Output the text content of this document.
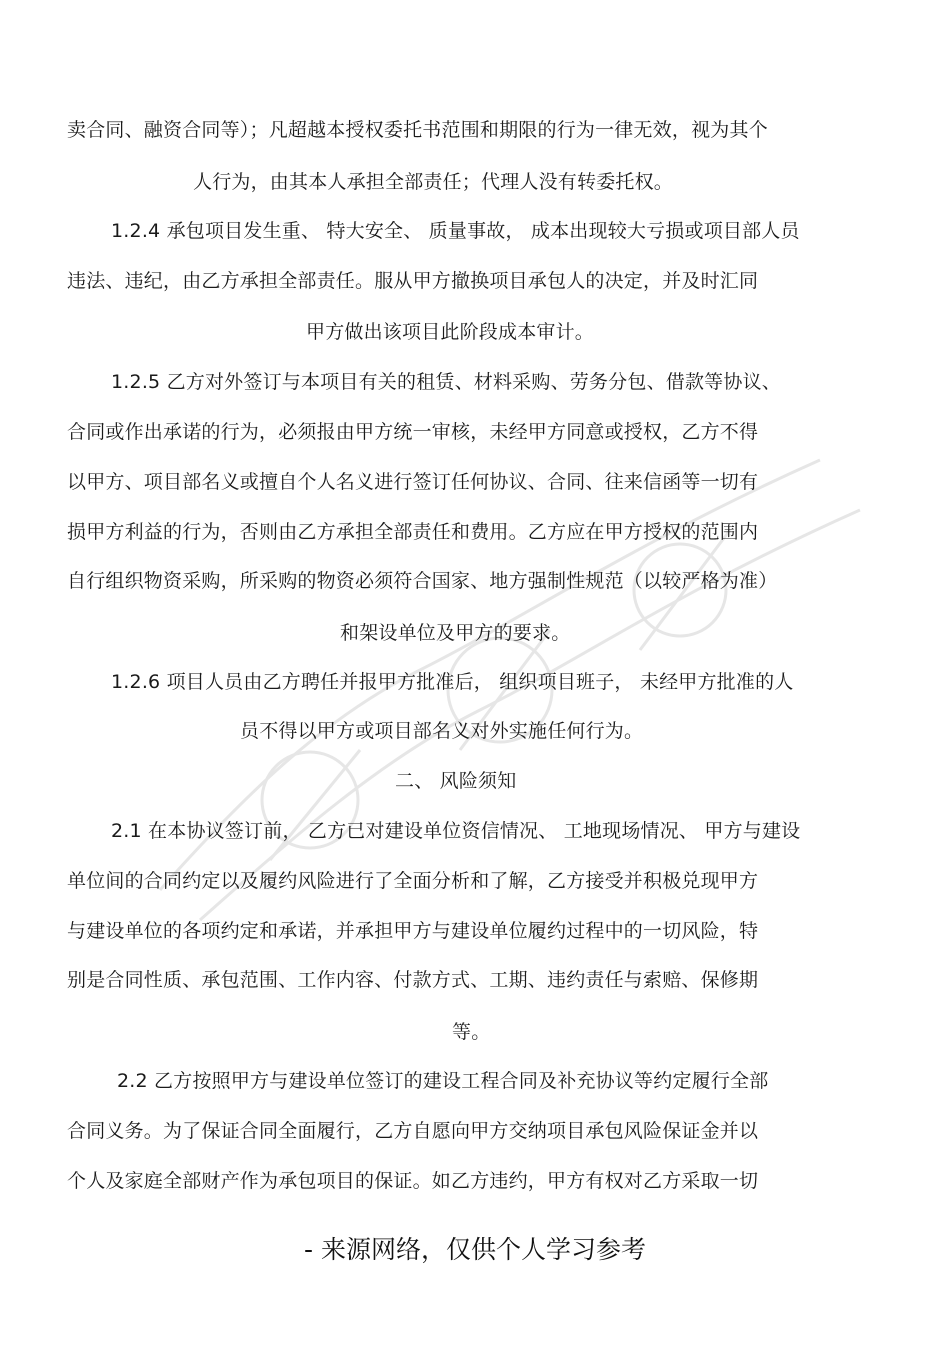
卖合同、融资合同等）；凡超越本授权委托书范围和期限的行为一律无效，视为其个
人行为，由其本人承担全部责任；代理人没有转委托权。
1.2.4 承包项目发生重、 特大安全、 质量事故， 成本出现较大亏损或项目部人员
违法、违纪，由乙方承担全部责任。服从甲方撤换项目承包人的决定，并及时汇同
甲方做出该项目此阶段成本审计。
1.2.5 乙方对外签订与本项目有关的租赁、材料采购、劳务分包、借款等协议、
合同或作出承诺的行为，必须报由甲方统一审核，未经甲方同意或授权，乙方不得
以甲方、项目部名义或擅自个人名义进行签订任何协议、合同、往来信函等一切有
损甲方利益的行为，否则由乙方承担全部责任和费用。乙方应在甲方授权的范围内
自行组织物资采购，所采购的物资必须符合国家、地方强制性规范（以较严格为准）
和架设单位及甲方的要求。
1.2.6 项目人员由乙方聘任并报甲方批准后， 组织项目班子， 未经甲方批准的人
员不得以甲方或项目部名义对外实施任何行为。
二、 风险须知
2.1 在本协议签订前， 乙方已对建设单位资信情况、 工地现场情况、 甲方与建设
单位间的合同约定以及履约风险进行了全面分析和了解，乙方接受并积极兑现甲方
与建设单位的各项约定和承诺，并承担甲方与建设单位履约过程中的一切风险，特
别是合同性质、承包范围、工作内容、付款方式、工期、违约责任与索赔、保修期
等。
2.2 乙方按照甲方与建设单位签订的建设工程合同及补充协议等约定履行全部
合同义务。为了保证合同全面履行，乙方自愿向甲方交纳项目承包风险保证金并以
个人及家庭全部财产作为承包项目的保证。如乙方违约，甲方有权对乙方采取一切
- 来源网络，仅供个人学习参考
